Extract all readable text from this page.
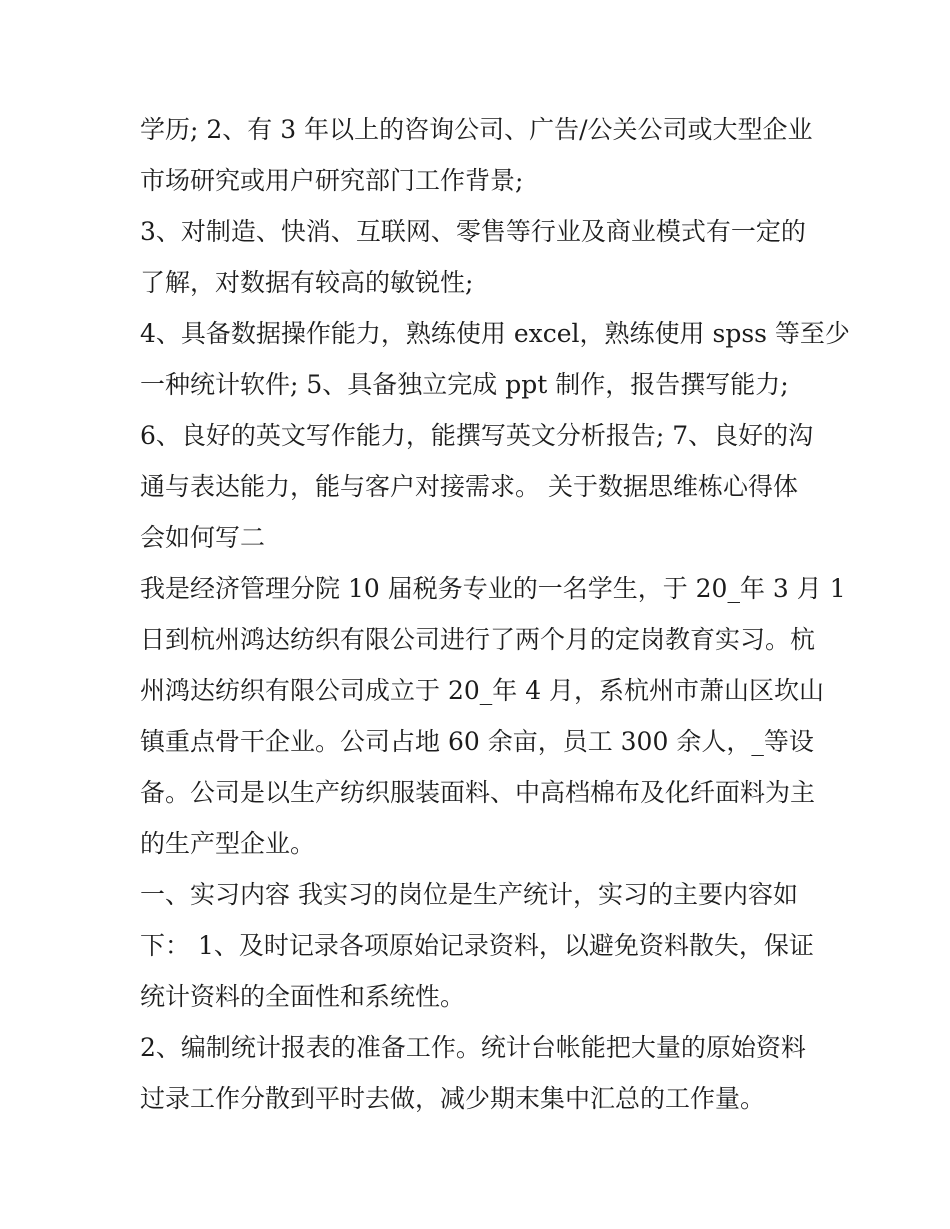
学历; 2、有 3 年以上的咨询公司、广告/公关公司或大型企业
市场研究或用户研究部门工作背景;
3、对制造、快消、互联网、零售等行业及商业模式有一定的
了解，对数据有较高的敏锐性;
4、具备数据操作能力，熟练使用 excel，熟练使用 spss 等至少
一种统计软件; 5、具备独立完成 ppt 制作，报告撰写能力;
6、良好的英文写作能力，能撰写英文分析报告; 7、良好的沟
通与表达能力，能与客户对接需求。 关于数据思维栋心得体
会如何写二
我是经济管理分院 10 届税务专业的一名学生，于 20_年 3 月 1
日到杭州鸿达纺织有限公司进行了两个月的定岗教育实习。杭
州鸿达纺织有限公司成立于 20_年 4 月，系杭州市萧山区坎山
镇重点骨干企业。公司占地 60 余亩，员工 300 余人，_等设
备。公司是以生产纺织服装面料、中高档棉布及化纤面料为主
的生产型企业。
一、实习内容 我实习的岗位是生产统计，实习的主要内容如
下： 1、及时记录各项原始记录资料，以避免资料散失，保证
统计资料的全面性和系统性。
2、编制统计报表的准备工作。统计台帐能把大量的原始资料
过录工作分散到平时去做，减少期末集中汇总的工作量。
